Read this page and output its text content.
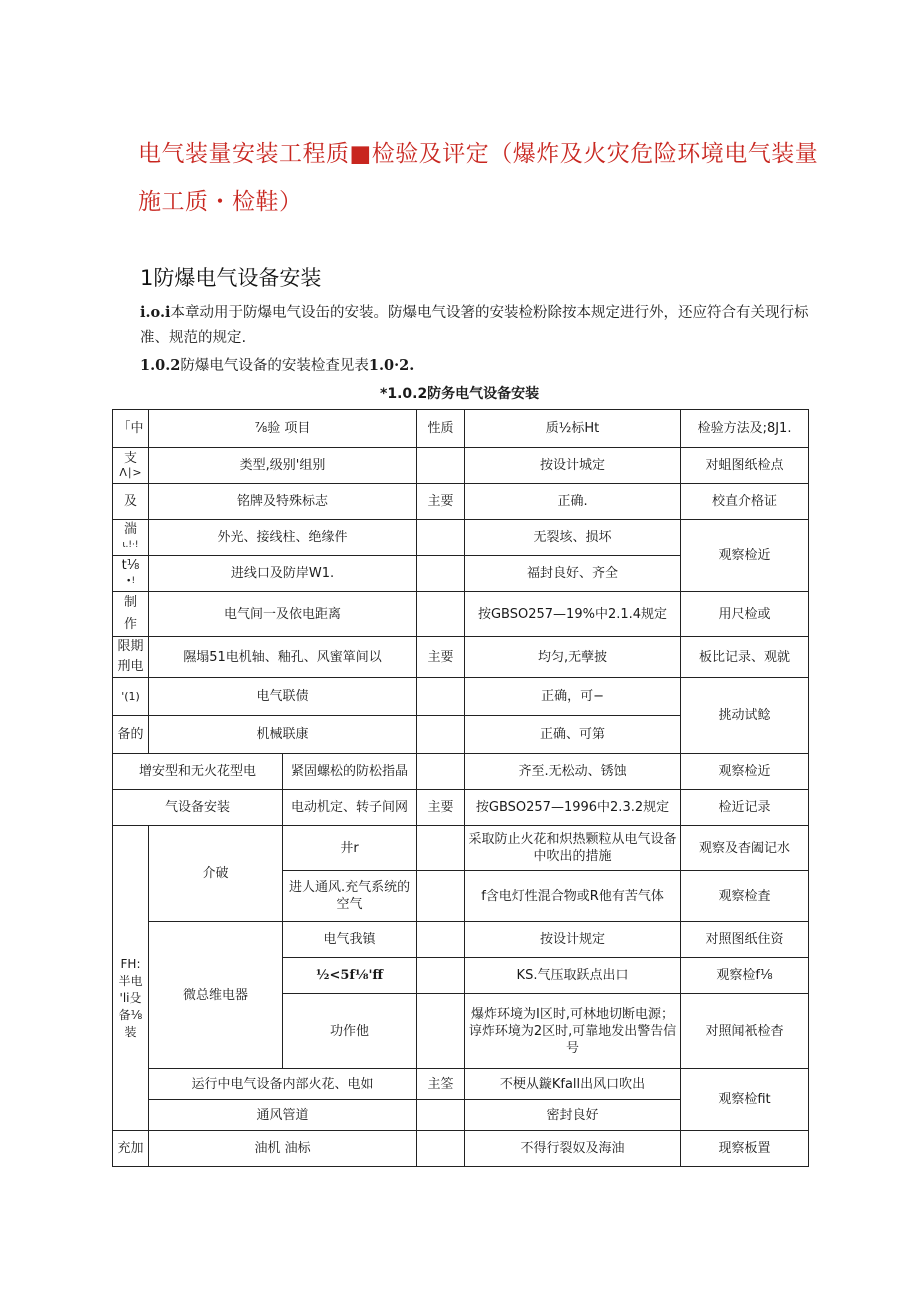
电气装量安装工程质■检验及评定（爆炸及火灾危险环境电气装量施工质・检鞋）
1防爆电气设备安装
i.o.i本章动用于防爆电气设缶的安装。防爆电气设箸的安装检粉除按本规定进行外，还应符合有关现行标准、规范的规定.
1.0.2防爆电气设备的安装检査见表1.0·2.
*1.0.2防务电气设备安装
「中	⅞验 项目		性质	质½标Ht	检验方法及;8J1.
支
Λ∣>	类型,级别'组别			按设计城定	对蛆图纸检点
及	铭牌及特殊标志		主要	正确.	校直介格证
湍
ι.!·!	外光、接线柱、绝缘件			无裂垓、损坏	观察检近
t⅛
∙!	进线口及防岸W1.			福封良好、齐全	
制
作	电气间一及依电距离			按GBSO257—19%中2.1.4规定	用尺检或
限期
刑电	隰塌51电机轴、釉孔、风蜜箪间以		主要	均匀,无孽披	板比记录、观就
'(1)	电气联债			正确，可−	挑动试鲶
备的	机械联康			正确、可第	
增安型和无火花型电		紧固螺松的防松指晶		齐至.无松动、锈蚀	观察检近
气设备安装		电动机定、转子间网	主要	按GBSO257—1996中2.3.2规定	检近记录

FH:
半电
'li殳
备⅛
装	介破	井r		采取防止火花和炽热颗粒从电气设备中吹出的措施	观察及杳阖记水
		进人通风.充气系统的空气		f含电灯性混合物或R他有苦气体	观察检査
	微总维电器	电气我镇		按设计规定	对照图纸住资
		½<5f⅛'ff		KS.气压取跃点出口	观察检f⅛
		功作他		爆炸环境为I区时,可林地切断电源；谆炸环境为2区时,可靠地发出警告信号	对照闻衹检杳
	运行中电气设备内部火花、电如		主筌	不梗从鏇Kfall出风口吹出	观察检fit
	通风管道			密封良好	
充加	油机 油标			不得行裂奴及海油	现察板置
